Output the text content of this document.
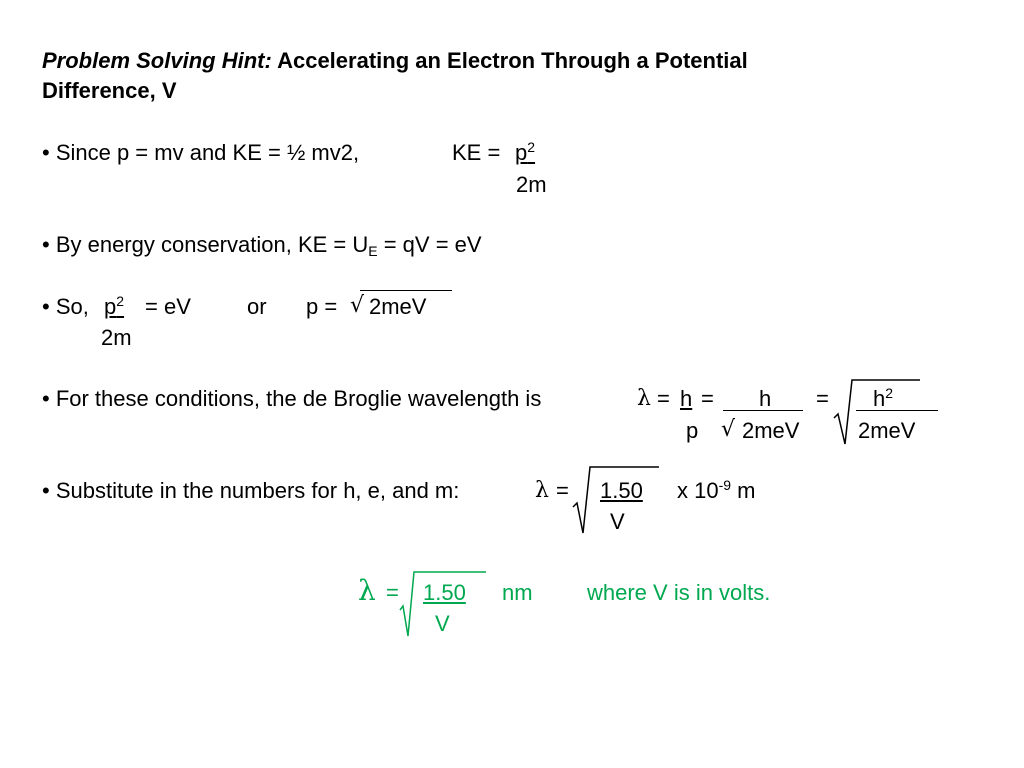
Problem Solving Hint: Accelerating an Electron Through a Potential
Difference, V
• Since p = mv and KE = ½ mv2,	KE = $p^2$
2m
• By energy conservation, KE = $U_E$ = qV = eV
• So, $p^2$ = eV	or p = √ 2meV
2m
• For these conditions, the de Broglie wavelength is	$\lambda = h = h = h^2$
p √ 2meV	2meV
• Substitute in the numbers for h, e, and m:	λ = 1.50 x $10^{-9}$ m
V
λ = 1.50 nm where V is in volts.
V
